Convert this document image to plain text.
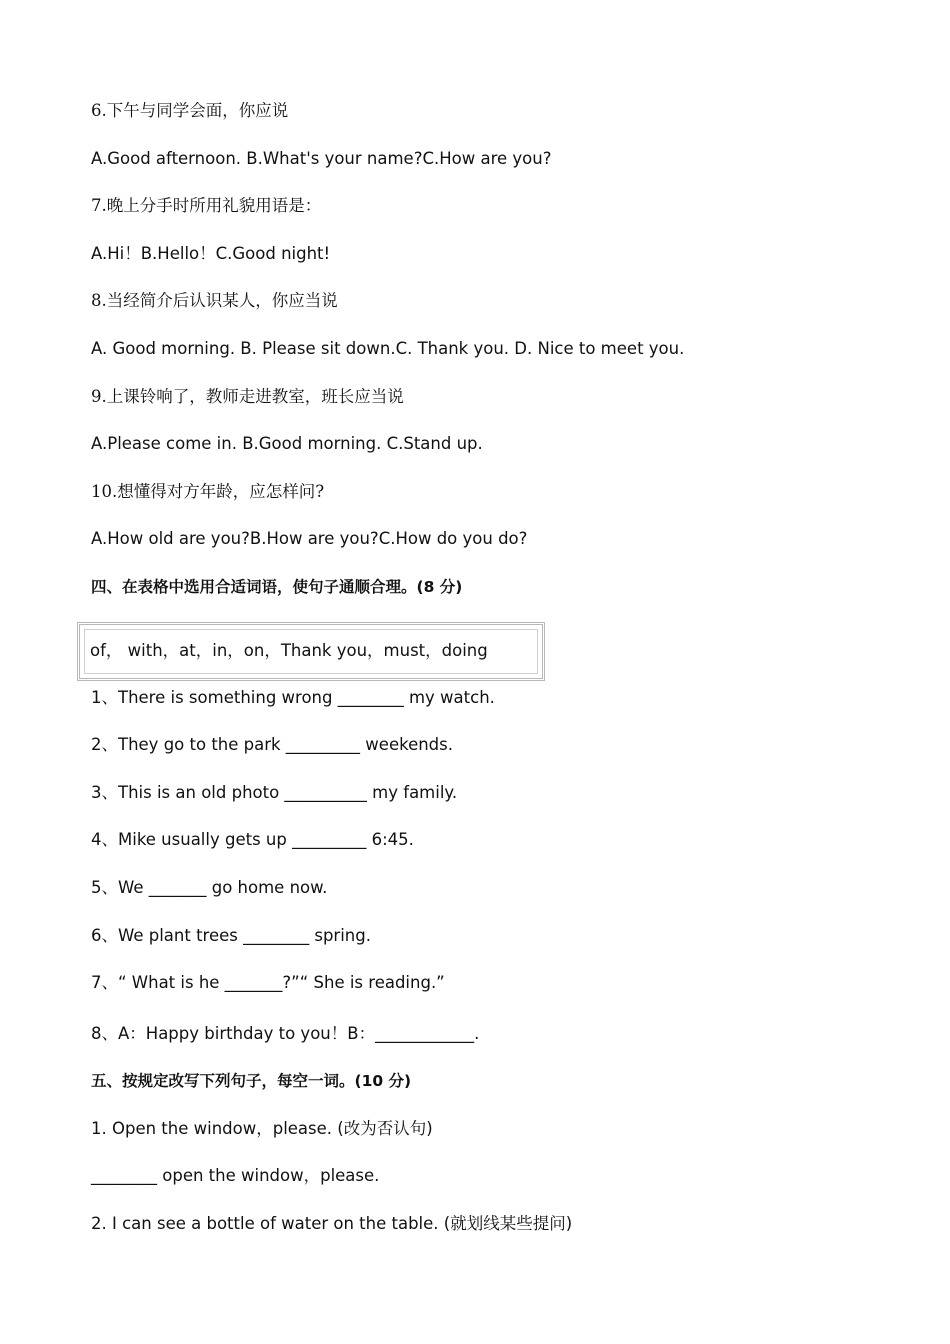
6.下午与同学会面，你应说
A.Good afternoon. B.What's your name?C.How are you?
7.晚上分手时所用礼貌用语是：
A.Hi！B.Hello！C.Good night!
8.当经简介后认识某人，你应当说
A. Good morning. B. Please sit down.C. Thank you. D. Nice to meet you.
9.上课铃响了，教师走进教室，班长应当说
A.Please come in. B.Good morning. C.Stand up.
10.想懂得对方年龄，应怎样问?
A.How old are you?B.How are you?C.How do you do?
四、在表格中选用合适词语，使句子通顺合理。(8 分)
of， with，at，in，on，Thank you，must，doing
1、There is something wrong ________ my watch.
2、They go to the park _________ weekends.
3、This is an old photo __________ my family.
4、Mike usually gets up _________ 6:45.
5、We _______ go home now.
6、We plant trees ________ spring.
7、“ What is he _______?”“ She is reading.”
8、A：Happy birthday to you！B：____________.
五、按规定改写下列句子，每空一词。(10 分)
1. Open the window，please. (改为否认句)
________ open the window，please.
2. I can see a bottle of water on the table. (就划线某些提问)
